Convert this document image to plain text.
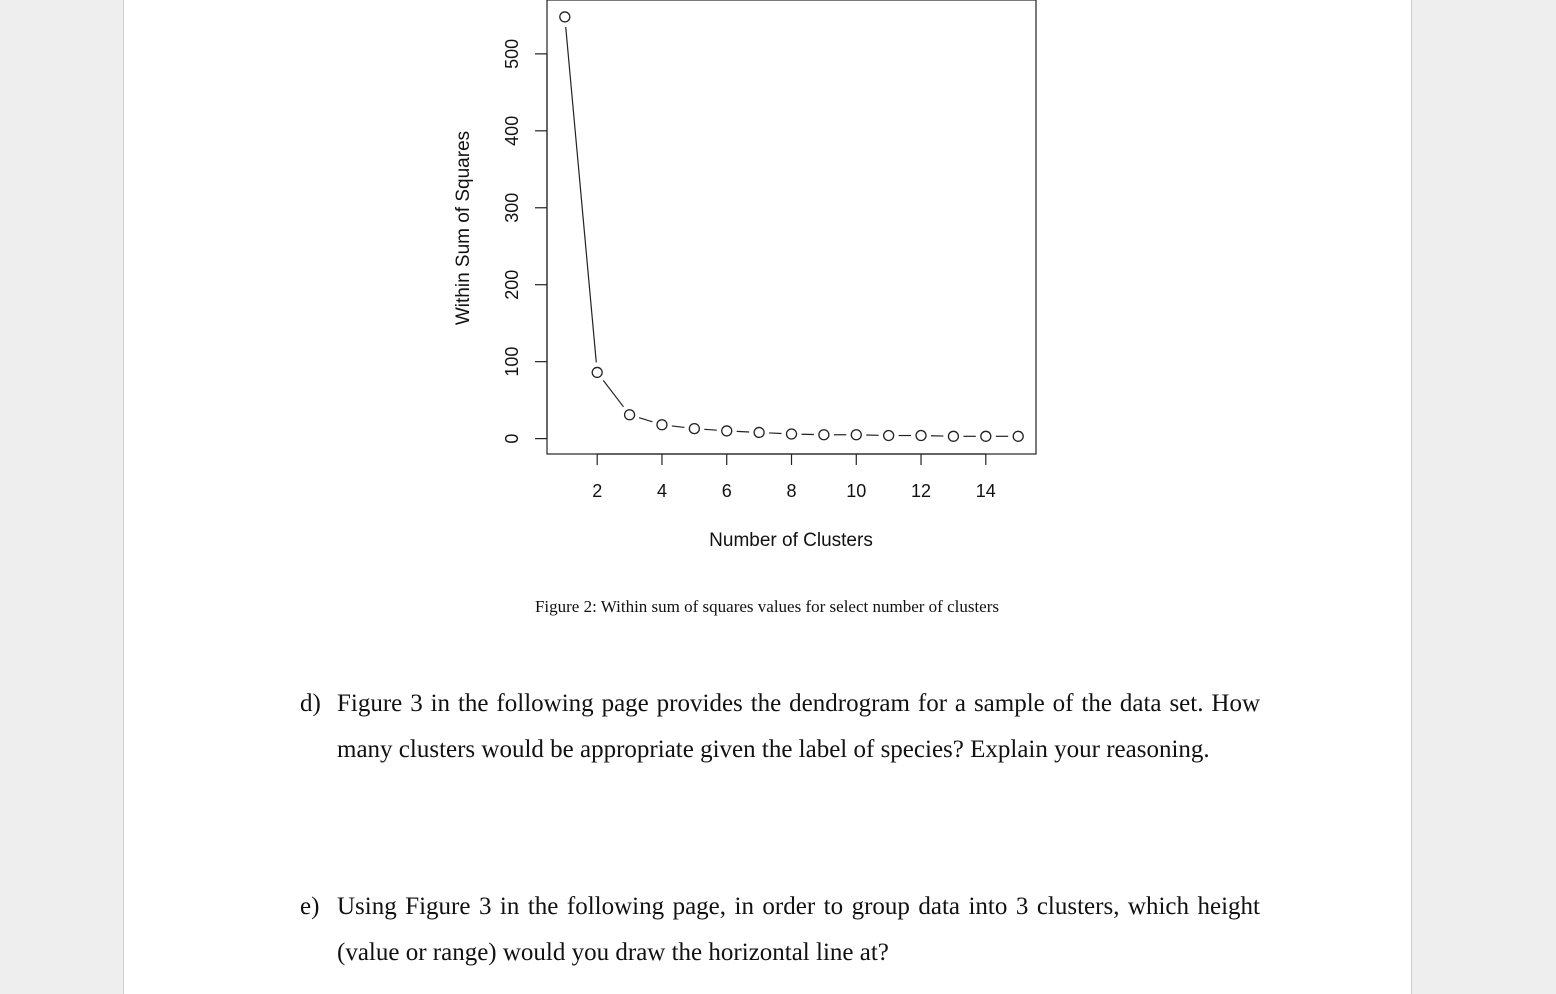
0
100
200
300
400
500
2	4	6	8	10 12 14
Number of Clusters
Within Sum of Squares
Figure 2: Within sum of squares values for select number of clusters
d) Figure 3 in the following page provides the dendrogram for a sample of the data set. How many clusters would be appropriate given the label of species? Explain your reasoning.
e) Using Figure 3 in the following page, in order to group data into 3 clusters, which height (value or range) would you draw the horizontal line at?
